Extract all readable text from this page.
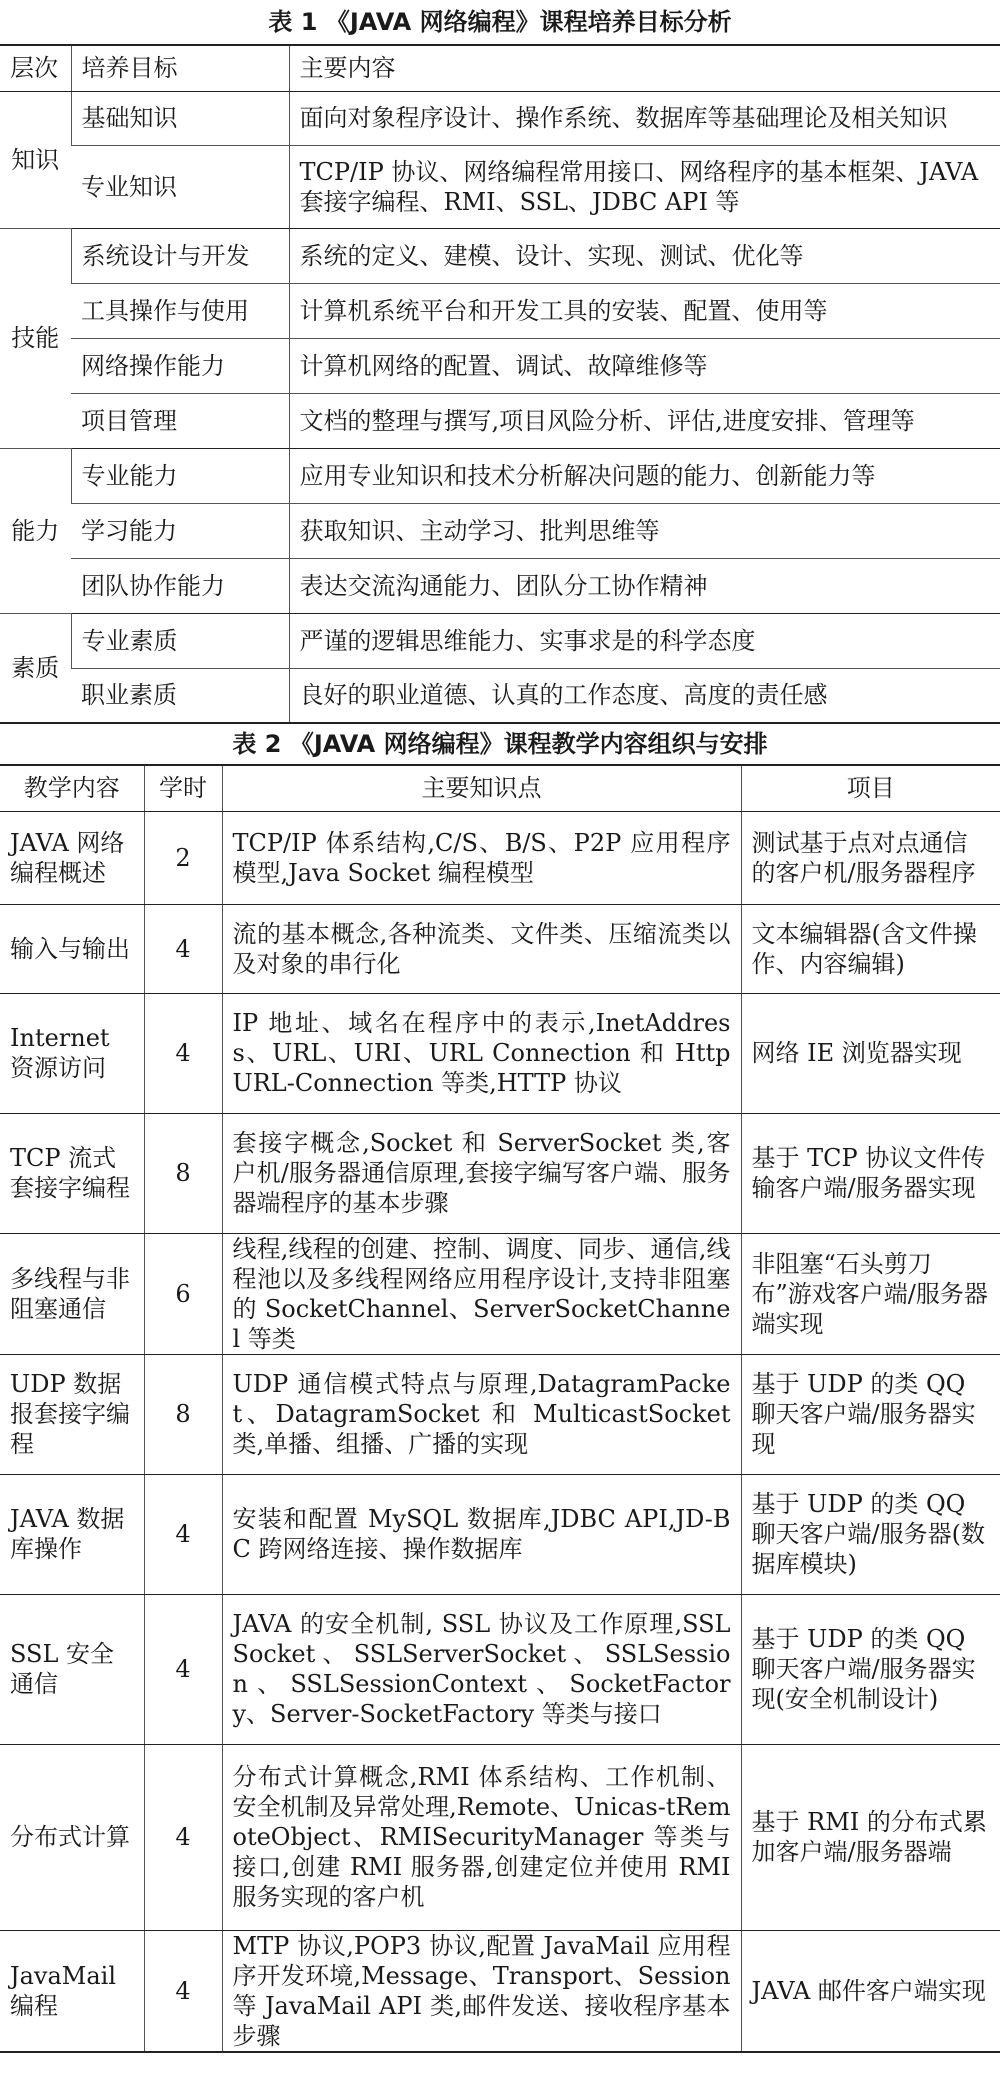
表 1 《JAVA 网络编程》课程培养目标分析
层次	培养目标	主要内容
知识	基础知识	面向对象程序设计、操作系统、数据库等基础理论及相关知识
	专业知识	TCP/IP 协议、网络编程常用接口、网络程序的基本框架、JAVA 套接字编程、RMI、SSL、JDBC API 等
技能	系统设计与开发	系统的定义、建模、设计、实现、测试、优化等
	工具操作与使用	计算机系统平台和开发工具的安装、配置、使用等
	网络操作能力	计算机网络的配置、调试、故障维修等
	项目管理	文档的整理与撰写,项目风险分析、评估,进度安排、管理等
能力	专业能力	应用专业知识和技术分析解决问题的能力、创新能力等
	学习能力	获取知识、主动学习、批判思维等
	团队协作能力	表达交流沟通能力、团队分工协作精神
素质	专业素质	严谨的逻辑思维能力、实事求是的科学态度
	职业素质	良好的职业道德、认真的工作态度、高度的责任感
表 2 《JAVA 网络编程》课程教学内容组织与安排
教学内容	学时	主要知识点	项目
JAVA 网络编程概述	2	TCP/IP 体系结构,C/S、B/S、P2P 应用程序模型,Java Socket 编程模型	测试基于点对点通信的客户机/服务器程序
输入与输出	4	流的基本概念,各种流类、文件类、压缩流类以及对象的串行化	文本编辑器(含文件操作、内容编辑)
Internet 资源访问	4	IP 地址、域名在程序中的表示,InetAddress、URL、URI、URL Connection 和 HttpURL-Connection 等类,HTTP 协议	网络 IE 浏览器实现
TCP 流式套接字编程	8	套接字概念,Socket 和 ServerSocket 类,客户机/服务器通信原理,套接字编写客户端、服务器端程序的基本步骤	基于 TCP 协议文件传输客户端/服务器实现
多线程与非阻塞通信	6	线程,线程的创建、控制、调度、同步、通信,线程池以及多线程网络应用程序设计,支持非阻塞的 SocketChannel、ServerSocketChannel 等类	非阻塞“石头剪刀布”游戏客户端/服务器端实现
UDP 数据报套接字编程	8	UDP 通信模式特点与原理,DatagramPacket、DatagramSocket 和 MulticastSocket 类,单播、组播、广播的实现	基于 UDP 的类 QQ 聊天客户端/服务器实现
JAVA 数据库操作	4	安装和配置 MySQL 数据库,JDBC API,JD-BC 跨网络连接、操作数据库	基于 UDP 的类 QQ 聊天客户端/服务器(数据库模块)
SSL 安全通信	4	JAVA 的安全机制, SSL 协议及工作原理,SSLSocket、SSLServerSocket、SSLSession、SSLSessionContext、SocketFactory、Server-SocketFactory 等类与接口	基于 UDP 的类 QQ 聊天客户端/服务器实现(安全机制设计)
分布式计算	4	分布式计算概念,RMI 体系结构、工作机制、安全机制及异常处理,Remote、Unicas-tRemoteObject、RMISecurityManager 等类与接口,创建 RMI 服务器,创建定位并使用 RMI 服务实现的客户机	基于 RMI 的分布式累加客户端/服务器端
JavaMail 编程	4	MTP 协议,POP3 协议,配置 JavaMail 应用程序开发环境,Message、Transport、Session 等 JavaMail API 类,邮件发送、接收程序基本步骤	JAVA 邮件客户端实现
